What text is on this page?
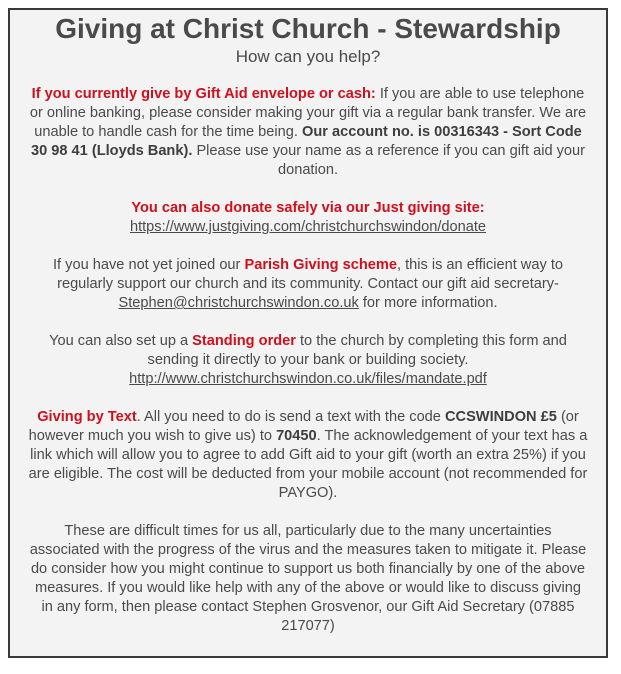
Giving at Christ Church - Stewardship
How can you help?

If you currently give by Gift Aid envelope or cash: If you are able to use telephone or online banking, please consider making your gift via a regular bank transfer. We are unable to handle cash for the time being. Our account no. is 00316343 - Sort Code 30 98 41 (Lloyds Bank). Please use your name as a reference if you can gift aid your donation.

You can also donate safely via our Just giving site:
https://www.justgiving.com/christchurchswindon/donate

If you have not yet joined our Parish Giving scheme, this is an efficient way to regularly support our church and its community. Contact our gift aid secretary-
Stephen@christchurchswindon.co.uk for more information.

You can also set up a Standing order to the church by completing this form and sending it directly to your bank or building society.
http://www.christchurchswindon.co.uk/files/mandate.pdf

Giving by Text. All you need to do is send a text with the code CCSWINDON £5 (or however much you wish to give us) to 70450. The acknowledgement of your text has a link which will allow you to agree to add Gift aid to your gift (worth an extra 25%) if you are eligible. The cost will be deducted from your mobile account (not recommended for PAYGO).

These are difficult times for us all, particularly due to the many uncertainties associated with the progress of the virus and the measures taken to mitigate it. Please do consider how you might continue to support us both financially by one of the above measures. If you would like help with any of the above or would like to discuss giving in any form, then please contact Stephen Grosvenor, our Gift Aid Secretary (07885 217077)
